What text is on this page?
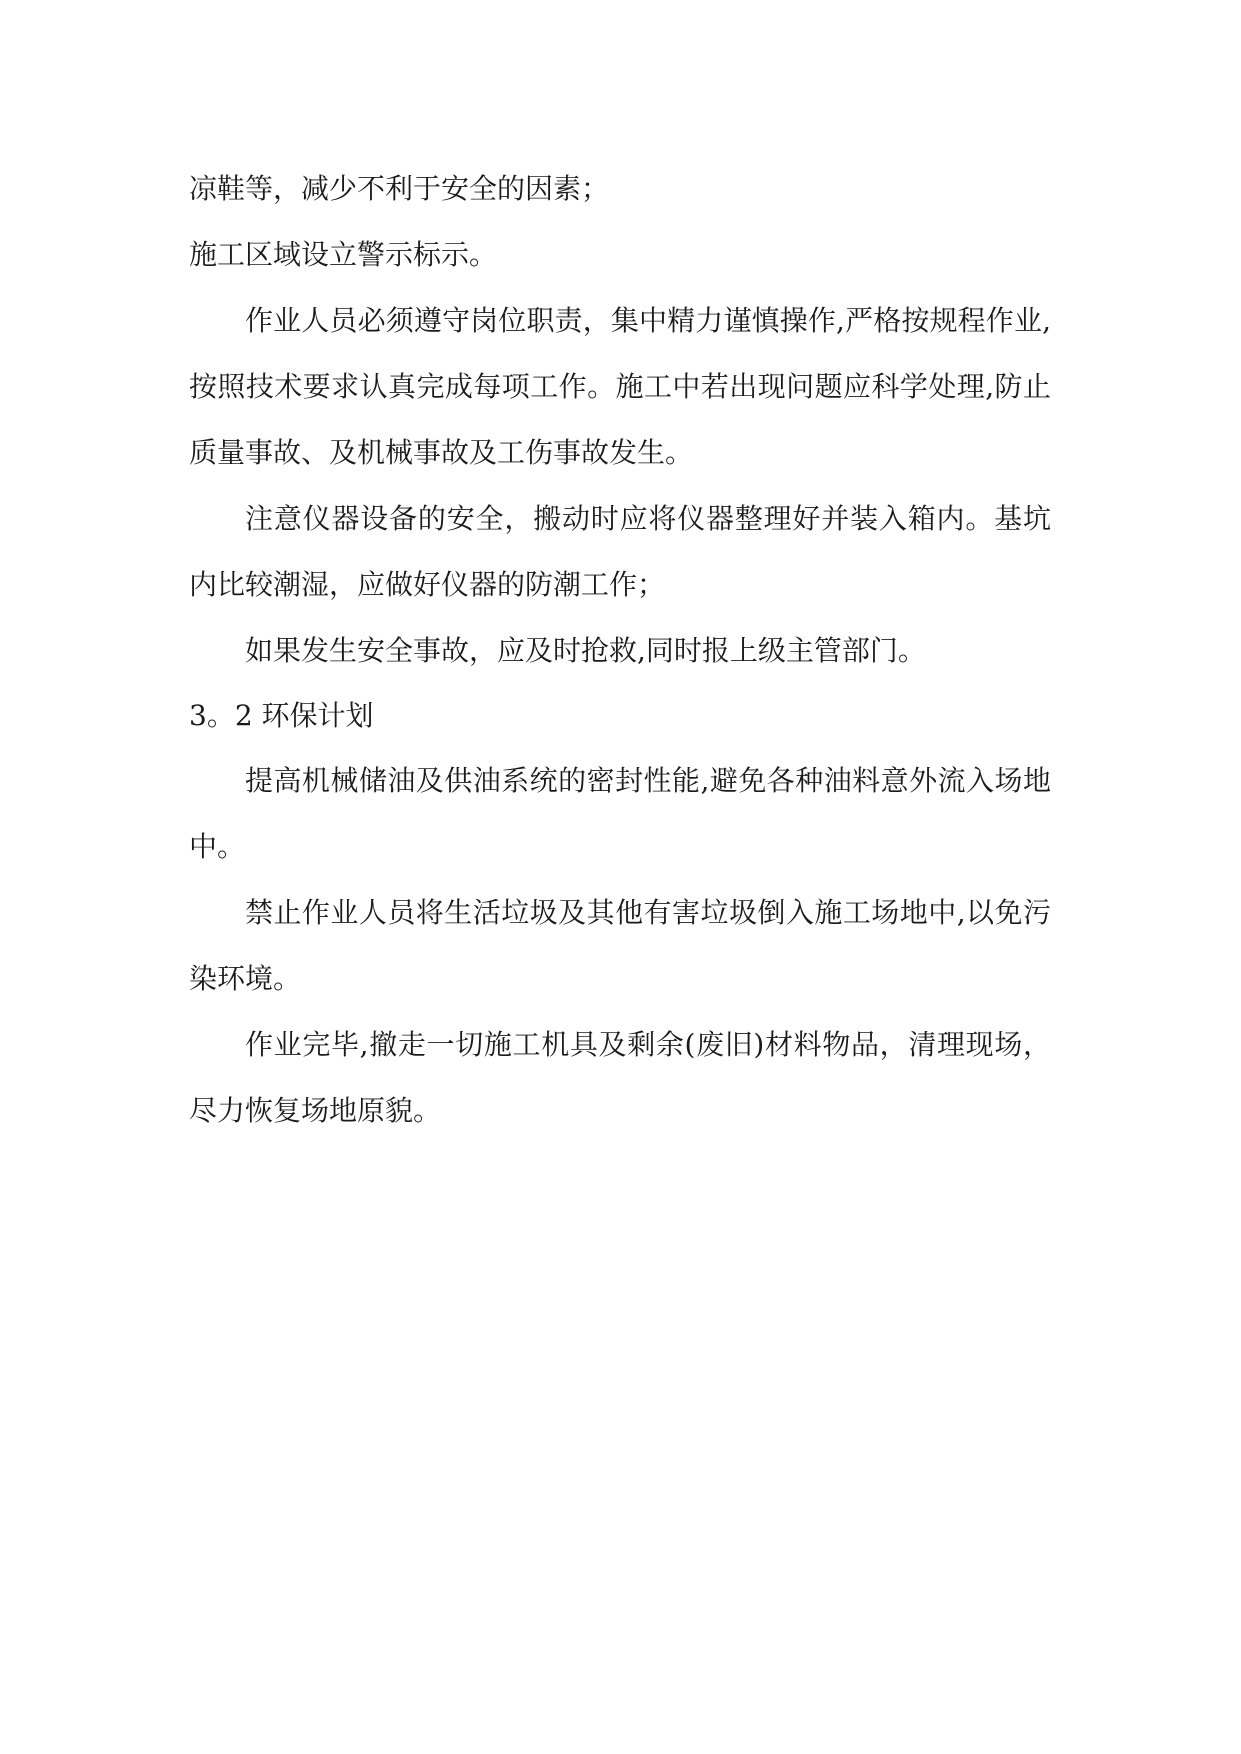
凉鞋等，减少不利于安全的因素；

施工区域设立警示标示。

作业人员必须遵守岗位职责，集中精力谨慎操作,严格按规程作业,按照技术要求认真完成每项工作。施工中若出现问题应科学处理,防止质量事故、及机械事故及工伤事故发生。

注意仪器设备的安全，搬动时应将仪器整理好并装入箱内。基坑内比较潮湿，应做好仪器的防潮工作；

如果发生安全事故，应及时抢救,同时报上级主管部门。

3。2 环保计划

提高机械储油及供油系统的密封性能,避免各种油料意外流入场地中。

禁止作业人员将生活垃圾及其他有害垃圾倒入施工场地中,以免污染环境。

作业完毕,撤走一切施工机具及剩余(废旧)材料物品，清理现场，尽力恢复场地原貌。
